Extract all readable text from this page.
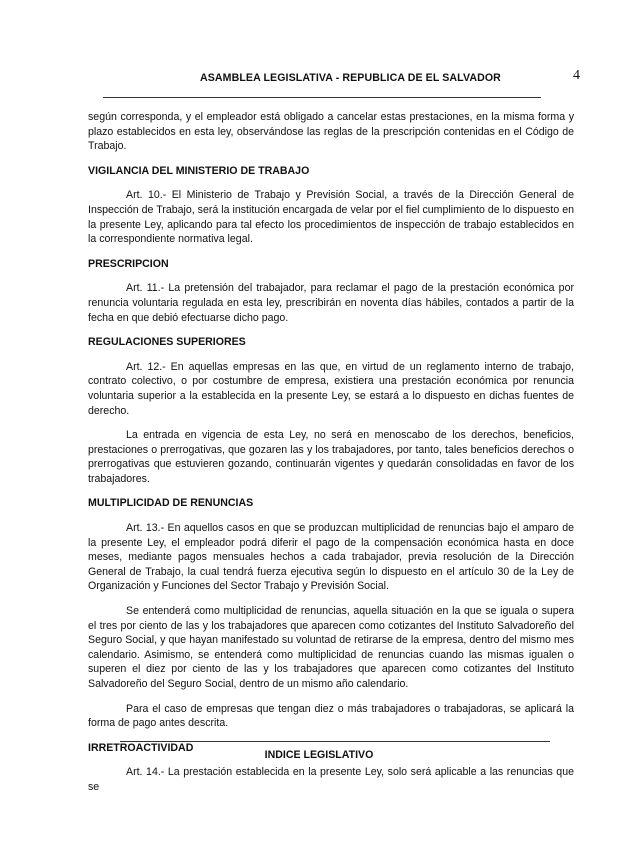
ASAMBLEA LEGISLATIVA - REPUBLICA DE EL SALVADOR	4

según corresponda, y el empleador está obligado a cancelar estas prestaciones, en la misma forma y plazo establecidos en esta ley, observándose las reglas de la prescripción contenidas en el Código de Trabajo.

VIGILANCIA DEL MINISTERIO DE TRABAJO

Art. 10.- El Ministerio de Trabajo y Previsión Social, a través de la Dirección General de Inspección de Trabajo, será la institución encargada de velar por el fiel cumplimiento de lo dispuesto en la presente Ley, aplicando para tal efecto los procedimientos de inspección de trabajo establecidos en la correspondiente normativa legal.

PRESCRIPCION

Art. 11.- La pretensión del trabajador, para reclamar el pago de la prestación económica por renuncia voluntaria regulada en esta ley, prescribirán en noventa días hábiles, contados a partir de la fecha en que debió efectuarse dicho pago.

REGULACIONES SUPERIORES

Art. 12.- En aquellas empresas en las que, en virtud de un reglamento interno de trabajo, contrato colectivo, o por costumbre de empresa, existiera una prestación económica por renuncia voluntaria superior a la establecida en la presente Ley, se estará a lo dispuesto en dichas fuentes de derecho.

La entrada en vigencia de esta Ley, no será en menoscabo de los derechos, beneficios, prestaciones o prerrogativas, que gozaren las y los trabajadores, por tanto, tales beneficios derechos o prerrogativas que estuvieren gozando, continuarán vigentes y quedarán consolidadas en favor de los trabajadores.

MULTIPLICIDAD DE RENUNCIAS

Art. 13.- En aquellos casos en que se produzcan multiplicidad de renuncias bajo el amparo de la presente Ley, el empleador podrá diferir el pago de la compensación económica hasta en doce meses, mediante pagos mensuales hechos a cada trabajador, previa resolución de la Dirección General de Trabajo, la cual tendrá fuerza ejecutiva según lo dispuesto en el artículo 30 de la Ley de Organización y Funciones del Sector Trabajo y Previsión Social.

Se entenderá como multiplicidad de renuncias, aquella situación en la que se iguala o supera el tres por ciento de las y los trabajadores que aparecen como cotizantes del Instituto Salvadoreño del Seguro Social, y que hayan manifestado su voluntad de retirarse de la empresa, dentro del mismo mes calendario. Asimismo, se entenderá como multiplicidad de renuncias cuando las mismas igualen o superen el diez por ciento de las y los trabajadores que aparecen como cotizantes del Instituto Salvadoreño del Seguro Social, dentro de un mismo año calendario.

Para el caso de empresas que tengan diez o más trabajadores o trabajadoras, se aplicará la forma de pago antes descrita.

IRRETROACTIVIDAD

Art. 14.- La prestación establecida en la presente Ley, solo será aplicable a las renuncias que se

INDICE LEGISLATIVO
